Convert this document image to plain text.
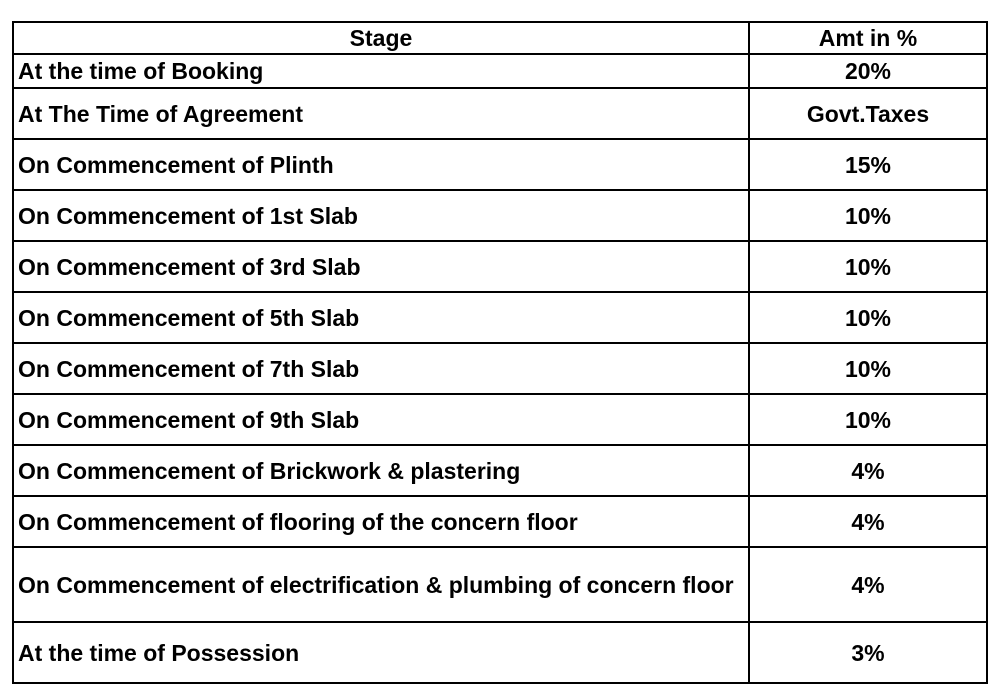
Stage	Amt in %
At the time of Booking	20%
At The Time of Agreement	Govt.Taxes
On Commencement of Plinth	15%
On Commencement of 1st Slab	10%
On Commencement of 3rd Slab	10%
On Commencement of 5th Slab	10%
On Commencement of 7th Slab	10%
On Commencement of 9th Slab	10%
On Commencement of Brickwork & plastering	4%
On Commencement of flooring of the concern floor	4%
On Commencement of electrification & plumbing of concern floor	4%
At the time of Possession	3%
